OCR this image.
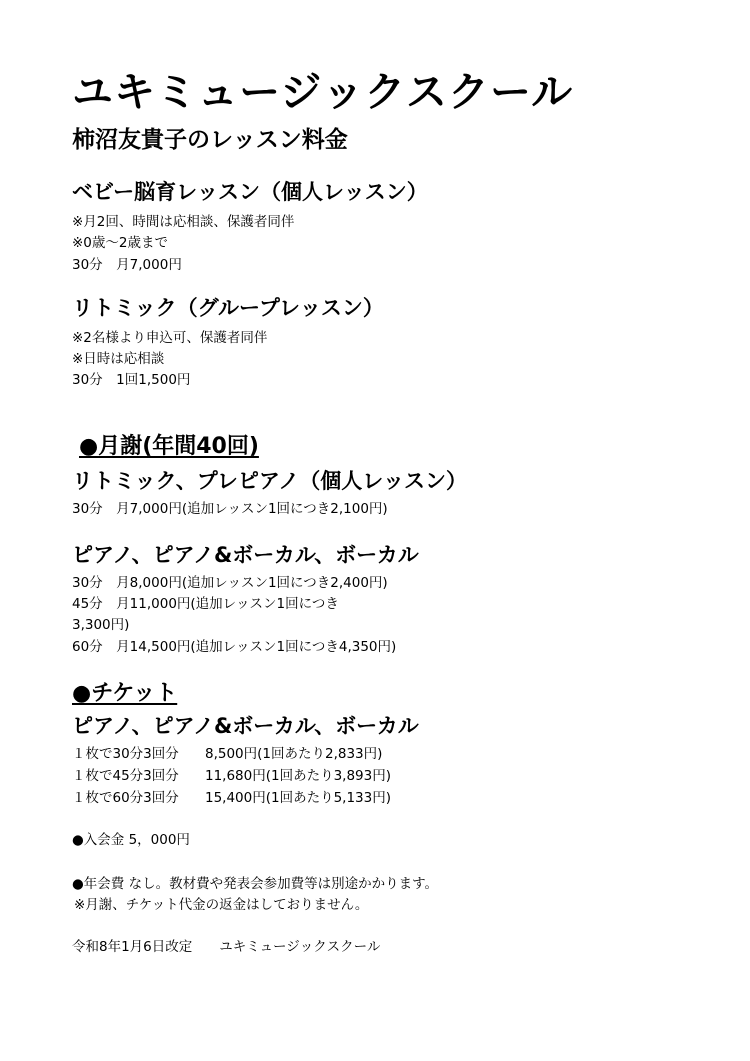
ユキミュージックスクール
柿沼友貴子のレッスン料金
ベビー脳育レッスン（個人レッスン）
※月2回、時間は応相談、保護者同伴
※0歳〜2歳まで
30分　月7,000円
リトミック（グループレッスン）
※2名様より申込可、保護者同伴
※日時は応相談
30分　1回1,500円
●月謝(年間40回)
リトミック、プレピアノ（個人レッスン）
30分　月7,000円(追加レッスン1回につき2,100円)
ピアノ、ピアノ&ボーカル、ボーカル
30分　月8,000円(追加レッスン1回につき2,400円)
45分　月11,000円(追加レッスン1回につき
3,300円)
60分　月14,500円(追加レッスン1回につき4,350円)
●チケット
ピアノ、ピアノ&ボーカル、ボーカル
１枚で30分3回分 8,500円(1回あたり2,833円)
１枚で45分3回分 11,680円(1回あたり3,893円)
１枚で60分3回分 15,400円(1回あたり5,133円)
●入会金 5，000円
●年会費 なし。教材費や発表会参加費等は別途かかります。
※月謝、チケット代金の返金はしておりません。
令和8年1月6日改定　　ユキミュージックスクール
